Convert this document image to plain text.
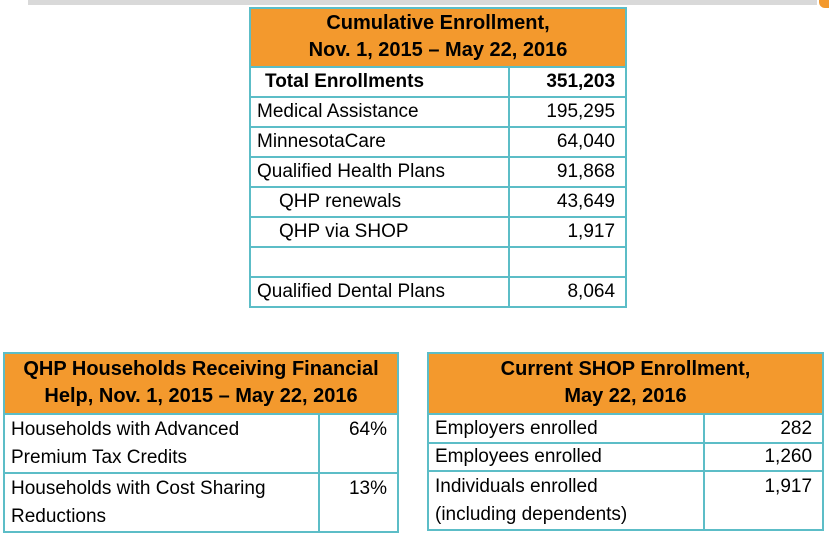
Cumulative Enrollment,
Nov. 1, 2015 – May 22, 2016	

Total Enrollments	351,203
Medical Assistance	195,295
MinnesotaCare	64,040
Qualified Health Plans	91,868
QHP renewals	43,649
QHP via SHOP	1,917

Qualified Dental Plans	8,064
QHP Households Receiving Financial
Help, Nov. 1, 2015 – May 22, 2016	

Households with Advanced
Premium Tax Credits	64%

Households with Cost Sharing
Reductions	13%
Current SHOP Enrollment,
May 22, 2016	

Employers enrolled	282
Employees enrolled	1,260

Individuals enrolled
(including dependents)	1,917
